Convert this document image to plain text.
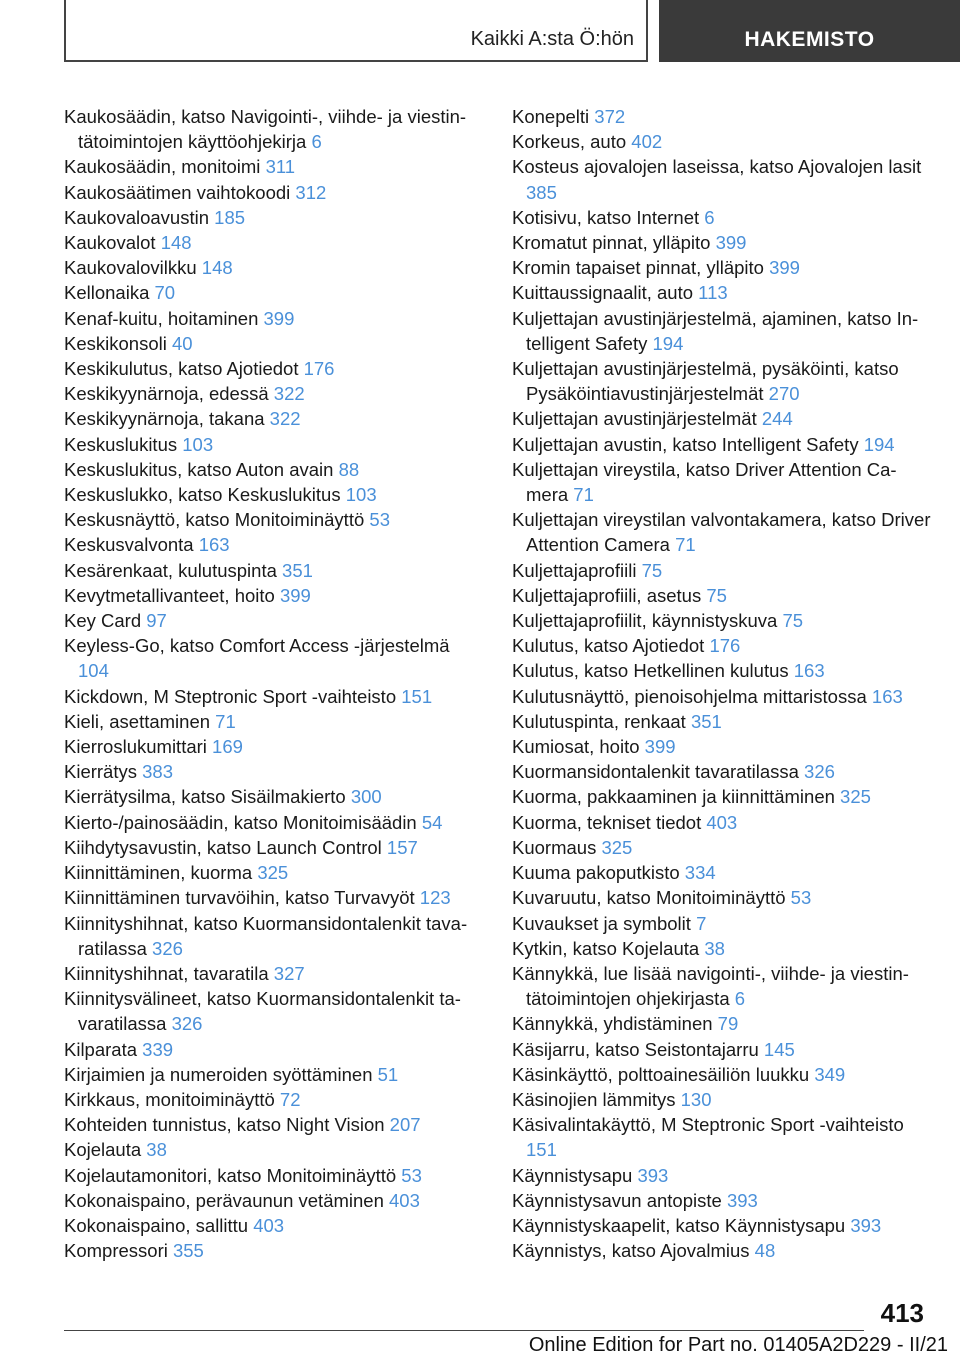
Kaikki A:sta Ö:hön	HAKEMISTO
Kaukosäädin, katso Navigointi-, viihde- ja viestintätoimintojen käyttöohjekirja 6
Kaukosäädin, monitoimi 311
Kaukosäätimen vaihtokoodi 312
Kaukovaloavustin 185
Kaukovalot 148
Kaukovalovilkku 148
Kellonaika 70
Kenaf-kuitu, hoitaminen 399
Keskikonsoli 40
Keskikulutus, katso Ajotiedot 176
Keskikyynärnoja, edessä 322
Keskikyynärnoja, takana 322
Keskuslukitus 103
Keskuslukitus, katso Auton avain 88
Keskuslukko, katso Keskuslukitus 103
Keskusnäyttö, katso Monitoiminäyttö 53
Keskusvalvonta 163
Kesärenkaat, kulutuspinta 351
Kevytmetallivanteet, hoito 399
Key Card 97
Keyless-Go, katso Comfort Access -järjestelmä 104
Kickdown, M Steptronic Sport -vaihteisto 151
Kieli, asettaminen 71
Kierroslukumittari 169
Kierrätys 383
Kierrätysilma, katso Sisäilmakierto 300
Kierto-/painosäädin, katso Monitoimisäädin 54
Kiihdytysavustin, katso Launch Control 157
Kiinnittäminen, kuorma 325
Kiinnittäminen turvavöihin, katso Turvavyöt 123
Kiinnityshihnat, katso Kuormansidontalenkit tavaratilassa 326
Kiinnityshihnat, tavaratila 327
Kiinnitysvälineet, katso Kuormansidontalenkit tavaratilassa 326
Kilparata 339
Kirjaimien ja numeroiden syöttäminen 51
Kirkkaus, monitoiminäyttö 72
Kohteiden tunnistus, katso Night Vision 207
Kojelauta 38
Kojelautamonitori, katso Monitoiminäyttö 53
Kokonaispaino, perävaunun vetäminen 403
Kokonaispaino, sallittu 403
Kompressori 355
Konepelti 372
Korkeus, auto 402
Kosteus ajovalojen laseissa, katso Ajovalojen lasit 385
Kotisivu, katso Internet 6
Kromatut pinnat, ylläpito 399
Kromin tapaiset pinnat, ylläpito 399
Kuittaussignaalit, auto 113
Kuljettajan avustinjärjestelmä, ajaminen, katso Intelligent Safety 194
Kuljettajan avustinjärjestelmä, pysäköinti, katso Pysäköintiavustinjärjestelmät 270
Kuljettajan avustinjärjestelmät 244
Kuljettajan avustin, katso Intelligent Safety 194
Kuljettajan vireystila, katso Driver Attention Camera 71
Kuljettajan vireystilan valvontakamera, katso Driver Attention Camera 71
Kuljettajaprofiili 75
Kuljettajaprofiili, asetus 75
Kuljettajaprofiilit, käynnistyskuva 75
Kulutus, katso Ajotiedot 176
Kulutus, katso Hetkellinen kulutus 163
Kulutusnäyttö, pienoisohjelma mittaristossa 163
Kulutuspinta, renkaat 351
Kumiosat, hoito 399
Kuormansidontalenkit tavaratilassa 326
Kuorma, pakkaaminen ja kiinnittäminen 325
Kuorma, tekniset tiedot 403
Kuormaus 325
Kuuma pakoputkisto 334
Kuvaruutu, katso Monitoiminäyttö 53
Kuvaukset ja symbolit 7
Kytkin, katso Kojelauta 38
Kännykkä, lue lisää navigointi-, viihde- ja viestintätoimintojen ohjekirjasta 6
Kännykkä, yhdistäminen 79
Käsijarru, katso Seistontajarru 145
Käsinkäyttö, polttoainesäiliön luukku 349
Käsinojien lämmitys 130
Käsivalintakäyttö, M Steptronic Sport -vaihteisto 151
Käynnistysapu 393
Käynnistysavun antopiste 393
Käynnistyskaapelit, katso Käynnistysapu 393
Käynnistys, katso Ajovalmius 48
413
Online Edition for Part no. 01405A2D229 - II/21
